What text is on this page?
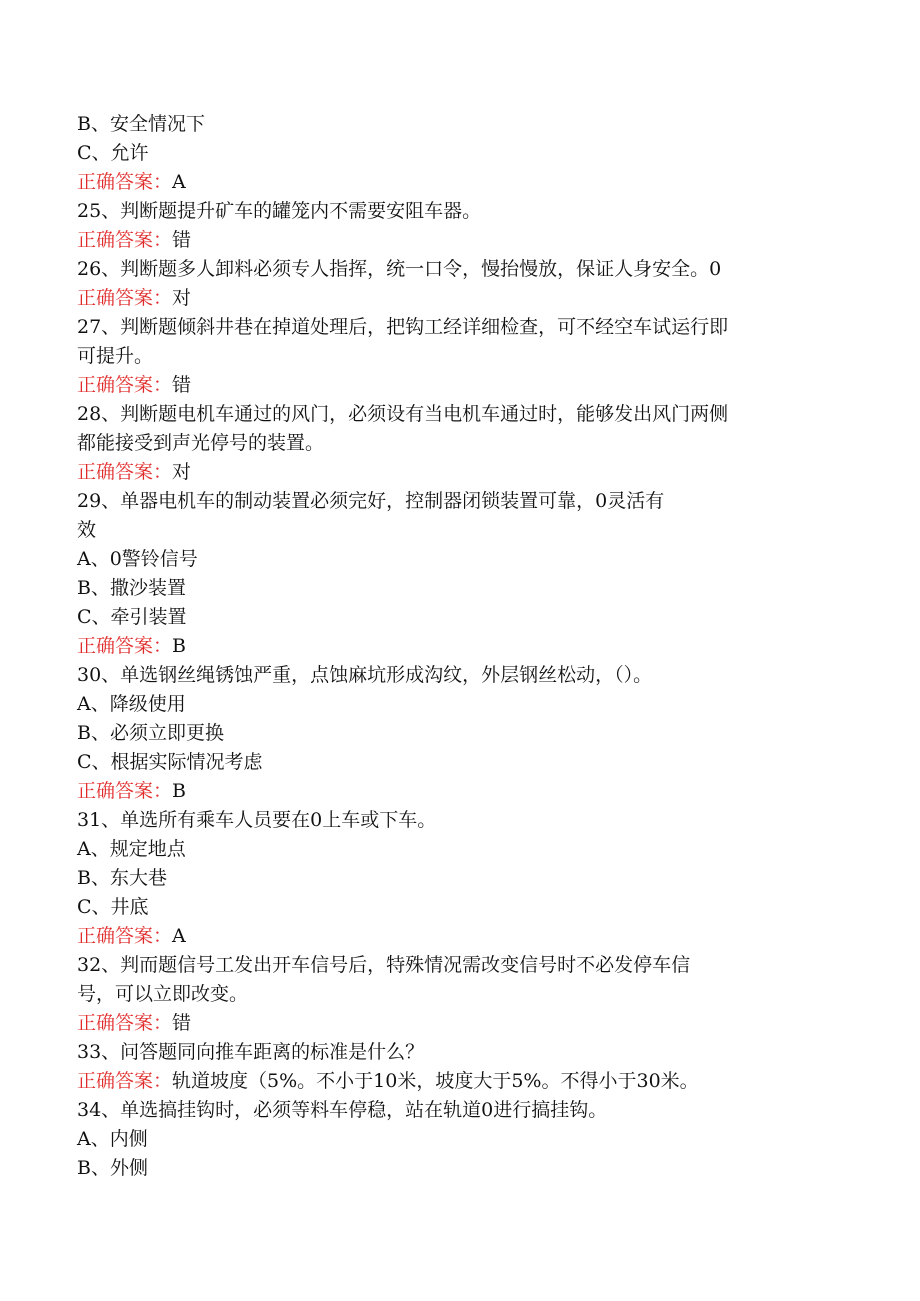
B、安全情况下
C、允许
正确答案：A
25、判断题提升矿车的罐笼内不需要安阻车器。
正确答案：错
26、判断题多人卸料必须专人指挥，统一口令，慢抬慢放，保证人身安全。0
正确答案：对
27、判断题倾斜井巷在掉道处理后，把钩工经详细检查，可不经空车试运行即
可提升。
正确答案：错
28、判断题电机车通过的风门，必须设有当电机车通过时，能够发出风门两侧
都能接受到声光停号的装置。
正确答案：对
29、单器电机车的制动装置必须完好，控制器闭锁装置可靠，0灵活有
效
A、0警铃信号
B、撒沙装置
C、牵引装置
正确答案：B
30、单选钢丝绳锈蚀严重，点蚀麻坑形成沟纹，外层钢丝松动，（）。
A、降级使用
B、必须立即更换
C、根据实际情况考虑
正确答案：B
31、单选所有乘车人员要在0上车或下车。
A、规定地点
B、东大巷
C、井底
正确答案：A
32、判而题信号工发出开车信号后，特殊情况需改变信号时不必发停车信
号，可以立即改变。
正确答案：错
33、问答题同向推车距离的标准是什么？
正确答案：轨道坡度（5%。不小于10米，坡度大于5%。不得小于30米。
34、单选搞挂钩时，必须等料车停稳，站在轨道0进行搞挂钩。
A、内侧
B、外侧
